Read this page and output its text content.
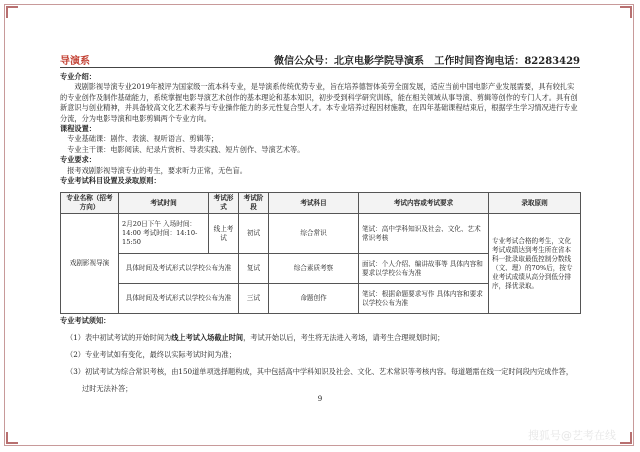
导演系	微信公众号：北京电影学院导演系 工作时间咨询电话：82283429
专业介绍：
戏剧影视导演专业2019年被评为国家级一流本科专业，是导演系传统优势专业，旨在培养德智体美劳全面发展，适应当前中国电影产业发展需要，具有较扎实的专业创作及制作基础能力，系统掌握电影导演艺术创作的基本理论和基本知识，初步受到科学研究训练，能在相关领域从事导演、剪辑等创作的专门人才。具有创新意识与创业精神，并具备较高文化艺术素养与专业操作能力的多元性复合型人才。本专业培养过程因材施教，在四年基础课程结束后，根据学生学习情况进行专业分流，分为电影导演和电影剪辑两个专业方向。
课程设置：
专业基础课：剧作、表演、视听语言、剪辑等；
专业主干课：电影阅读、纪录片赏析、导表实践、短片创作、导演艺术等。
专业要求：
报考戏剧影视导演专业的考生，要求听力正常，无色盲。
专业考试科目设置及录取原则：
专业名称（招考方向）	考试时间	考试形式	考试阶段	考试科目	考试内容或考试要求	录取原则
戏剧影视导演	2月20日下午 入场时间：14:00 考试时间：14:10-15:50	线上考试	初试	综合常识	笔试：高中学科知识及社会、文化、艺术常识考核	专业考试合格的考生，文化考试成绩达到考生所在省本科一批录取最低控制分数线（文、理）的70%后，按专业考试成绩从高分到低分排序，择优录取。
	具体时间及考试形式以学校公布为准		复试	综合素质考察	面试：个人介绍、编讲故事等 具体内容和要求以学校公布为准	
	具体时间及考试形式以学校公布为准		三试	命题创作	笔试：根据命题要求写作 具体内容和要求以学校公布为准	
专业考试须知：
（1）表中初试考试的开始时间为线上考试入场截止时间，考试开始以后，考生将无法进入考场，请考生合理规划时间；
（2）专业考试如有变化，最终以实际考试时间为准；
（3）初试考试为综合常识考核，由150道单项选择题构成，其中包括高中学科知识及社会、文化、艺术常识等考核内容。每道题需在线一定时间段内完成作答，
过时无法补答；
9
搜狐号@艺考在线
